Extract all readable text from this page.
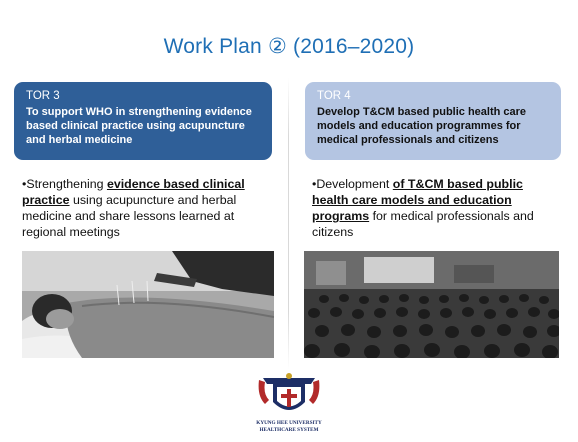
Work Plan ② (2016–2020)
TOR 3
To support WHO in strengthening evidence based clinical practice using acupuncture and herbal medicine
•Strengthening evidence based clinical practice using acupuncture and herbal medicine and share lessons learned at regional meetings
TOR 4
Develop T&CM based public health care models and education programmes for medical professionals and citizens
•Development of T&CM based public health care models and education programs for medical professionals and citizens
KYUNG HEE UNIVERSITY
HEALTHCARE SYSTEM
